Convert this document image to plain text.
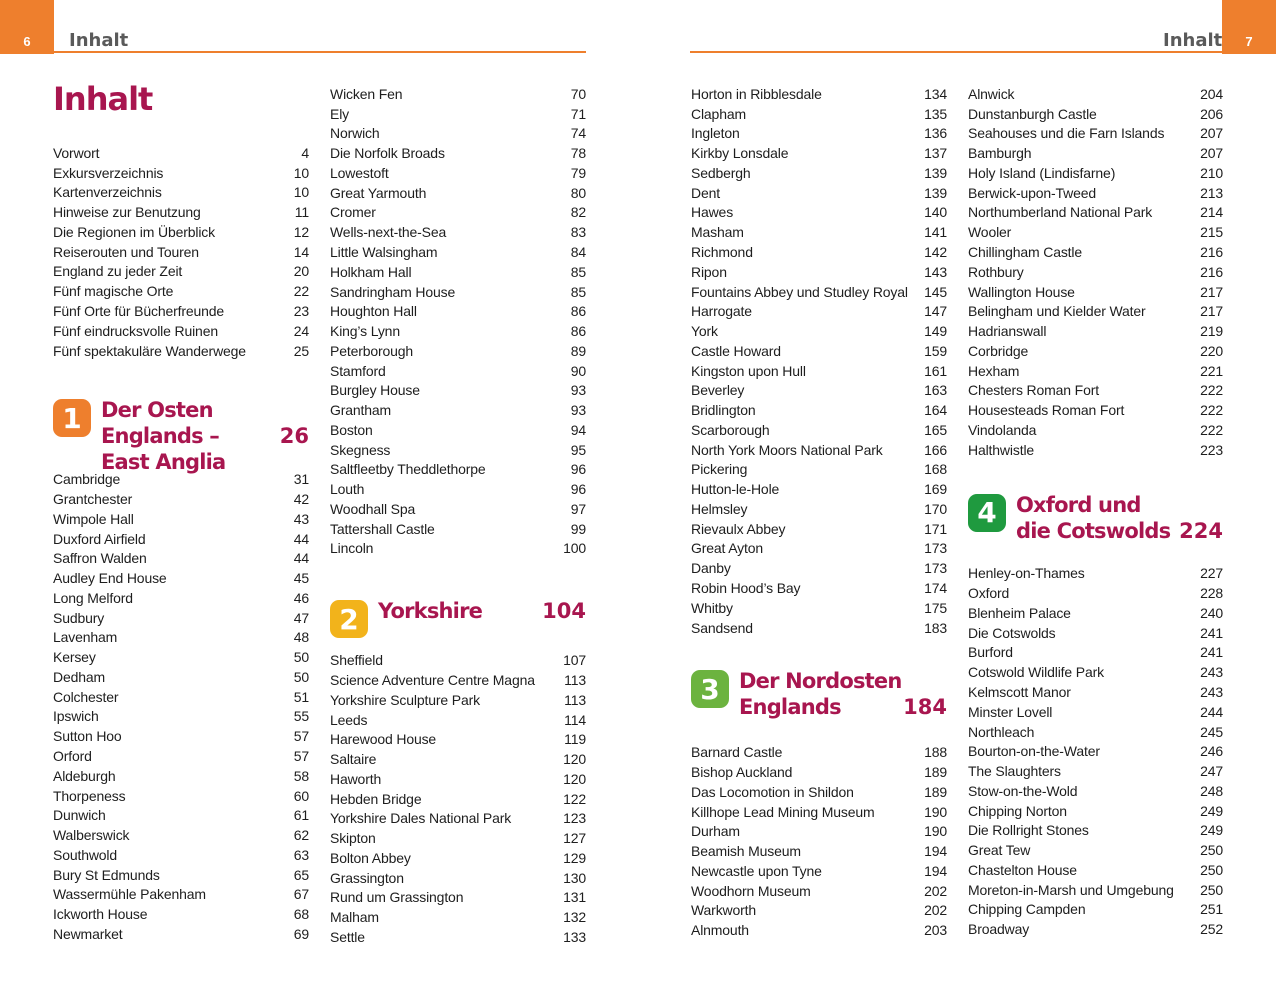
6	Inhalt	7
Inhalt
Inhalt
Vorwort	4
Exkursverzeichnis	10
Kartenverzeichnis	10
Hinweise zur Benutzung	11
Die Regionen im Überblick	12
Reiserouten und Touren	14
England zu jeder Zeit	20
Fünf magische Orte	22
Fünf Orte für Bücherfreunde	23
Fünf eindrucksvolle Ruinen	24
Fünf spektakuläre Wanderwege	25
1 Der Osten Englands –
East Anglia
26
Cambridge	31
Grantchester	42
Wimpole Hall	43
Duxford Airfield	44
Saffron Walden	44
Audley End House	45
Long Melford	46
Sudbury	47
Lavenham	48
Kersey	50
Dedham	50
Colchester	51
Ipswich	55
Sutton Hoo	57
Orford	57
Aldeburgh	58
Thorpeness	60
Dunwich	61
Walberswick	62
Southwold	63
Bury St Edmunds	65
Wassermühle Pakenham	67
Ickworth House	68
Newmarket	69
Wicken Fen	70
Ely	71
Norwich	74
Die Norfolk Broads	78
Lowestoft	79
Great Yarmouth	80
Cromer	82
Wells-next-the-Sea	83
Little Walsingham	84
Holkham Hall	85
Sandringham House	85
Houghton Hall	86
King’s Lynn	86
Peterborough	89
Stamford	90
Burgley House	93
Grantham	93
Boston	94
Skegness	95
Saltfleetby Theddlethorpe	96
Louth	96
Woodhall Spa	97
Tattershall Castle	99
Lincoln	100
2 Yorkshire	104
Sheffield	107
Science Adventure Centre Magna 113
Yorkshire Sculpture Park	113
Leeds	114
Harewood House	119
Saltaire	120
Haworth	120
Hebden Bridge	122
Yorkshire Dales National Park	123
Skipton	127
Bolton Abbey	129
Grassington	130
Rund um Grassington	131
Malham	132
Settle	133
Horton in Ribblesdale	134
Clapham	135
Ingleton	136
Kirkby Lonsdale	137
Sedbergh	139
Dent	139
Hawes	140
Masham	141
Richmond	142
Ripon	143
Fountains Abbey und Studley Royal 145
Harrogate	147
York	149
Castle Howard	159
Kingston upon Hull	161
Beverley	163
Bridlington	164
Scarborough	165
North York Moors National Park	166
Pickering	168
Hutton-le-Hole	169
Helmsley	170
Rievaulx Abbey	171
Great Ayton	173
Danby	173
Robin Hood’s Bay	174
Whitby	175
Sandsend	183
3 Der Nordosten
Englands	184
Barnard Castle	188
Bishop Auckland	189
Das Locomotion in Shildon	189
Killhope Lead Mining Museum	190
Durham	190
Beamish Museum	194
Newcastle upon Tyne	194
Woodhorn Museum	202
Warkworth	202
Alnmouth	203
Alnwick	204
Dunstanburgh Castle	206
Seahouses und die Farn Islands	207
Bamburgh	207
Holy Island (Lindisfarne)	210
Berwick-upon-Tweed	213
Northumberland National Park	214
Wooler	215
Chillingham Castle	216
Rothbury	216
Wallington House	217
Belingham und Kielder Water	217
Hadrianswall	219
Corbridge	220
Hexham	221
Chesters Roman Fort	222
Housesteads Roman Fort	222
Vindolanda	222
Halthwistle	223
4 Oxford und
die Cotswolds 224
Henley-on-Thames	227
Oxford	228
Blenheim Palace	240
Die Cotswolds	241
Burford	241
Cotswold Wildlife Park	243
Kelmscott Manor	243
Minster Lovell	244
Northleach	245
Bourton-on-the-Water	246
The Slaughters	247
Stow-on-the-Wold	248
Chipping Norton	249
Die Rollright Stones	249
Great Tew	250
Chastelton House	250
Moreton-in-Marsh und Umgebung 250
Chipping Campden	251
Broadway	252
